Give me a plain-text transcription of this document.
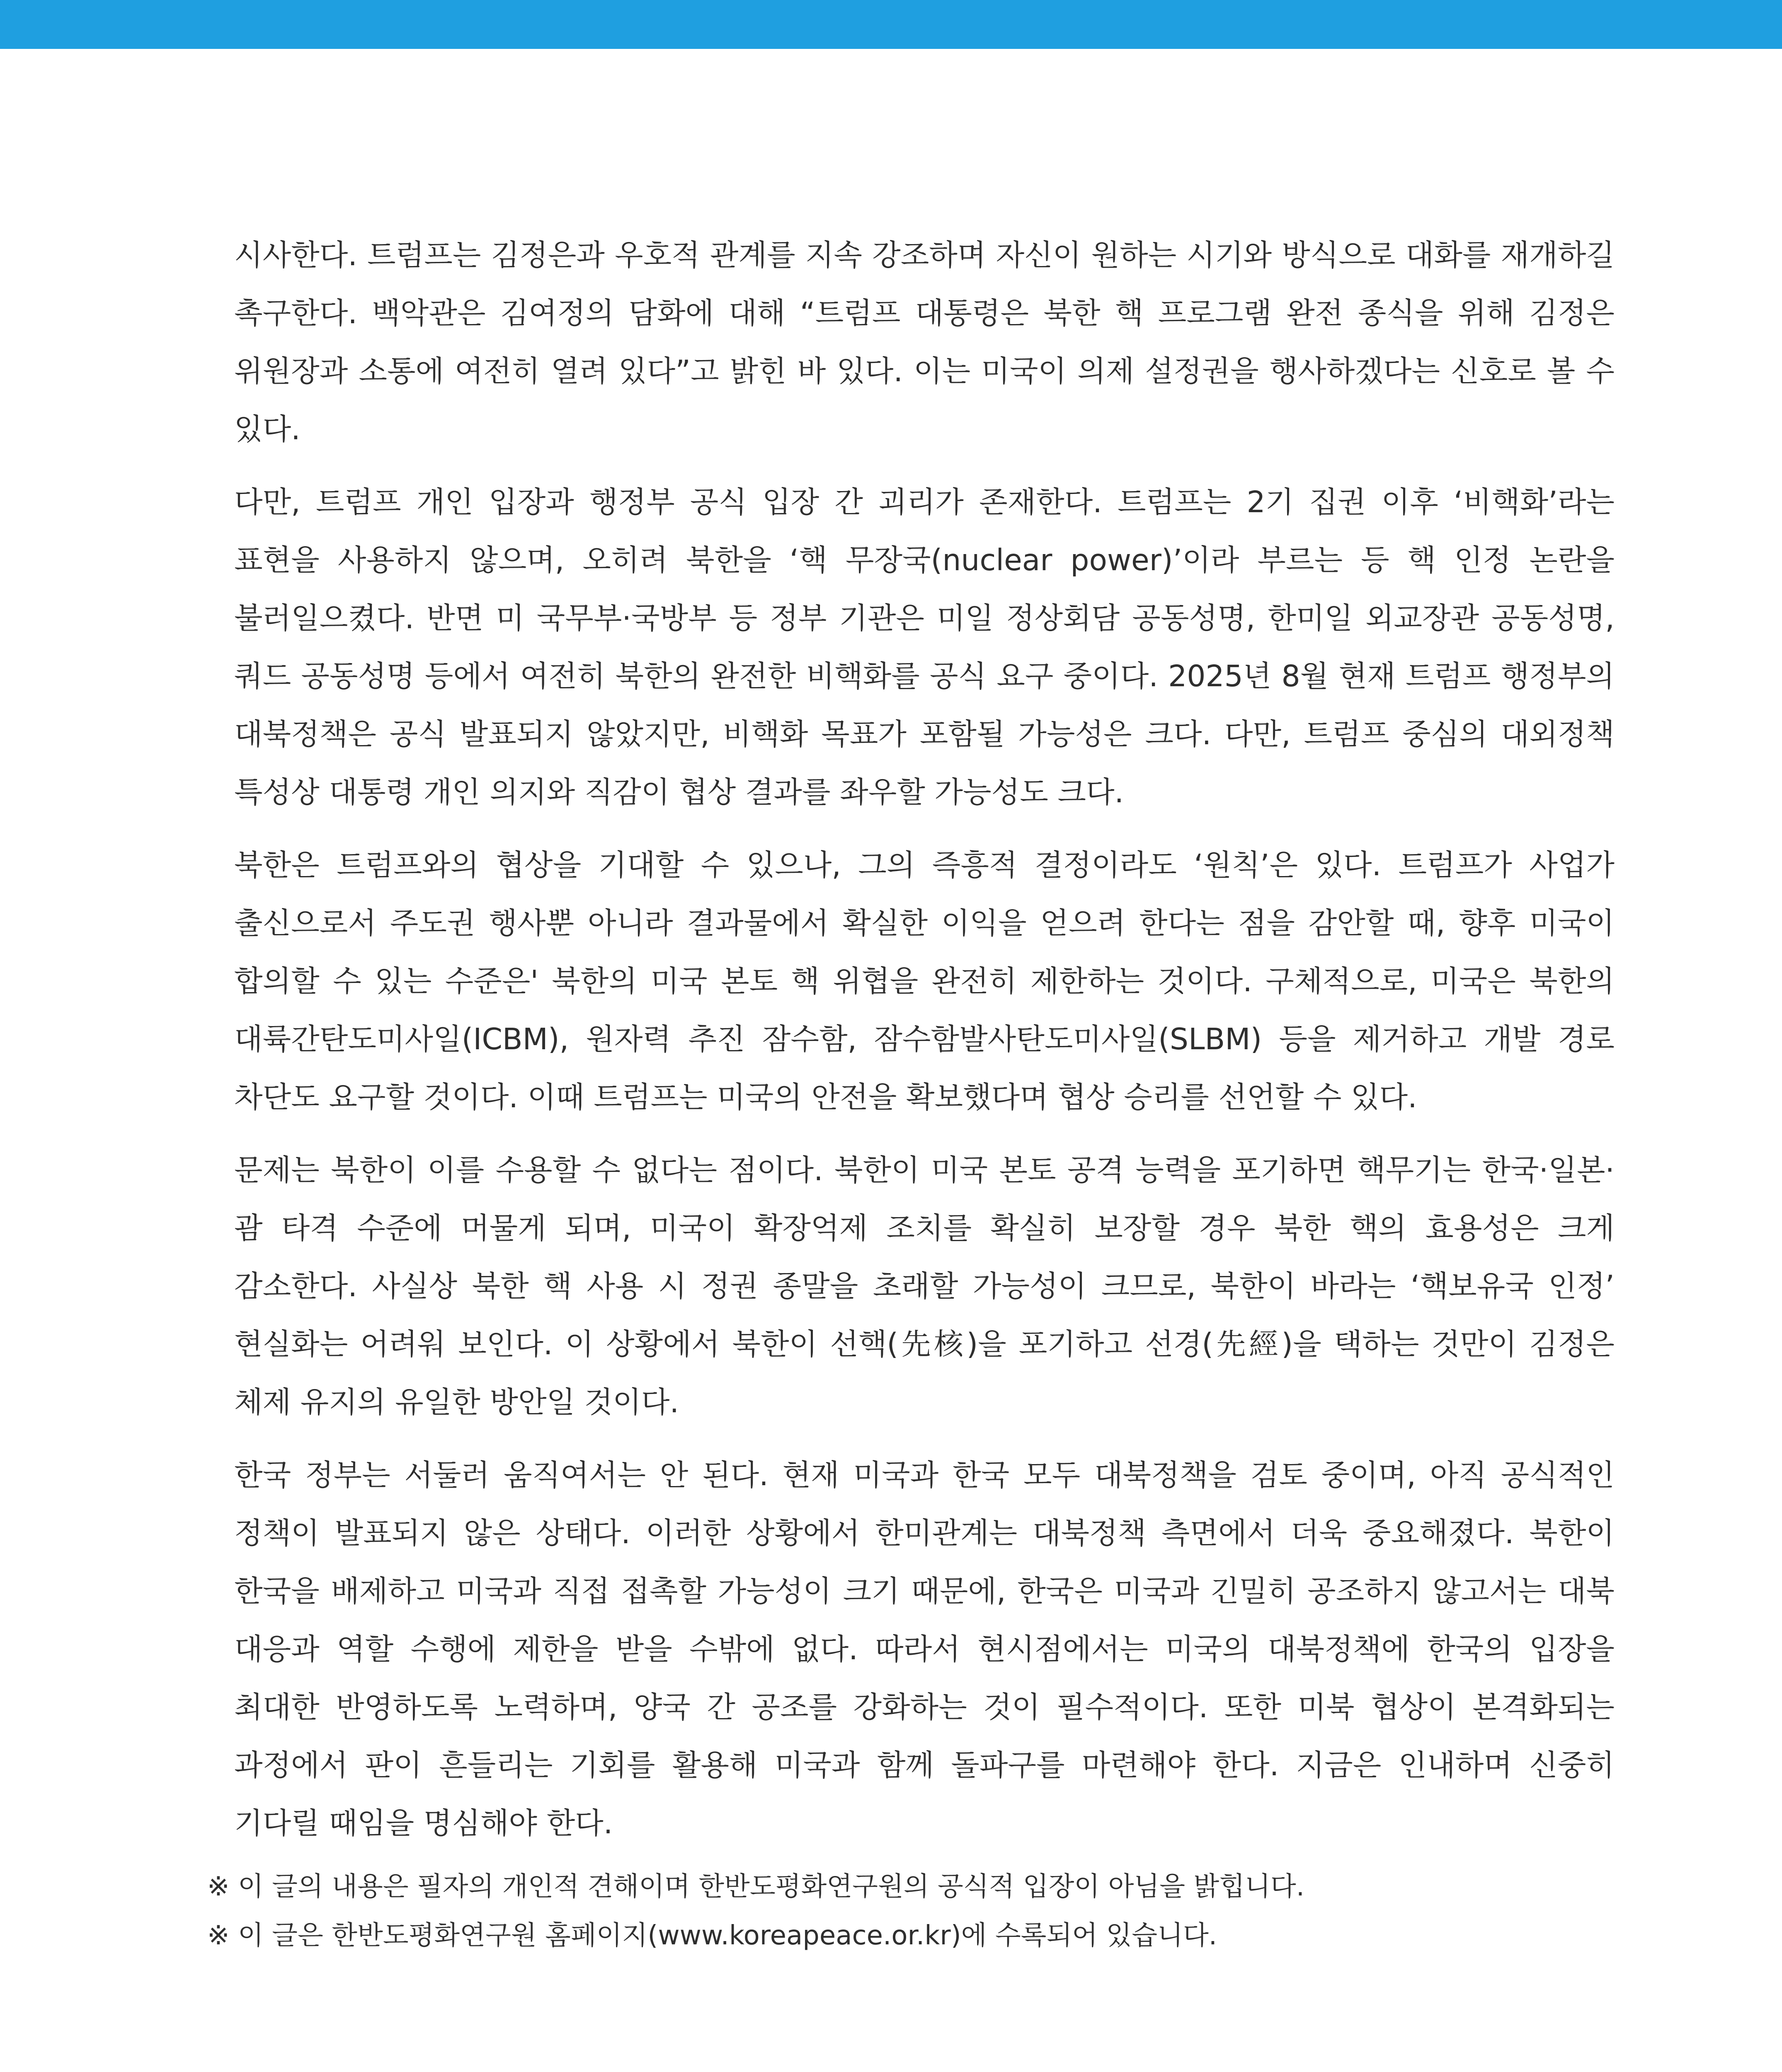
시사한다. 트럼프는 김정은과 우호적 관계를 지속 강조하며 자신이 원하는 시기와 방식으로 대화를 재개하길 촉구한다. 백악관은 김여정의 담화에 대해 “트럼프 대통령은 북한 핵 프로그램 완전 종식을 위해 김정은 위원장과 소통에 여전히 열려 있다”고 밝힌 바 있다. 이는 미국이 의제 설정권을 행사하겠다는 신호로 볼 수 있다.

다만, 트럼프 개인 입장과 행정부 공식 입장 간 괴리가 존재한다. 트럼프는 2기 집권 이후 ‘비핵화’라는 표현을 사용하지 않으며, 오히려 북한을 ‘핵 무장국(nuclear power)’이라 부르는 등 핵 인정 논란을 불러일으켰다. 반면 미 국무부·국방부 등 정부 기관은 미일 정상회담 공동성명, 한미일 외교장관 공동성명, 쿼드 공동성명 등에서 여전히 북한의 완전한 비핵화를 공식 요구 중이다. 2025년 8월 현재 트럼프 행정부의 대북정책은 공식 발표되지 않았지만, 비핵화 목표가 포함될 가능성은 크다. 다만, 트럼프 중심의 대외정책 특성상 대통령 개인 의지와 직감이 협상 결과를 좌우할 가능성도 크다.

북한은 트럼프와의 협상을 기대할 수 있으나, 그의 즉흥적 결정이라도 ‘원칙’은 있다. 트럼프가 사업가 출신으로서 주도권 행사뿐 아니라 결과물에서 확실한 이익을 얻으려 한다는 점을 감안할 때, 향후 미국이 합의할 수 있는 수준은' 북한의 미국 본토 핵 위협을 완전히 제한하는 것이다. 구체적으로, 미국은 북한의 대륙간탄도미사일(ICBM), 원자력 추진 잠수함, 잠수함발사탄도미사일(SLBM) 등을 제거하고 개발 경로 차단도 요구할 것이다. 이때 트럼프는 미국의 안전을 확보했다며 협상 승리를 선언할 수 있다.

문제는 북한이 이를 수용할 수 없다는 점이다. 북한이 미국 본토 공격 능력을 포기하면 핵무기는 한국·일본·괌 타격 수준에 머물게 되며, 미국이 확장억제 조치를 확실히 보장할 경우 북한 핵의 효용성은 크게 감소한다. 사실상 북한 핵 사용 시 정권 종말을 초래할 가능성이 크므로, 북한이 바라는 ‘핵보유국 인정’ 현실화는 어려워 보인다. 이 상황에서 북한이 선핵(先核)을 포기하고 선경(先經)을 택하는 것만이 김정은 체제 유지의 유일한 방안일 것이다.

한국 정부는 서둘러 움직여서는 안 된다. 현재 미국과 한국 모두 대북정책을 검토 중이며, 아직 공식적인 정책이 발표되지 않은 상태다. 이러한 상황에서 한미관계는 대북정책 측면에서 더욱 중요해졌다. 북한이 한국을 배제하고 미국과 직접 접촉할 가능성이 크기 때문에, 한국은 미국과 긴밀히 공조하지 않고서는 대북 대응과 역할 수행에 제한을 받을 수밖에 없다. 따라서 현시점에서는 미국의 대북정책에 한국의 입장을 최대한 반영하도록 노력하며, 양국 간 공조를 강화하는 것이 필수적이다. 또한 미북 협상이 본격화되는 과정에서 판이 흔들리는 기회를 활용해 미국과 함께 돌파구를 마련해야 한다. 지금은 인내하며 신중히 기다릴 때임을 명심해야 한다.

※ 이 글의 내용은 필자의 개인적 견해이며 한반도평화연구원의 공식적 입장이 아님을 밝힙니다.
※ 이 글은 한반도평화연구원 홈페이지(www.koreapeace.or.kr)에 수록되어 있습니다.
